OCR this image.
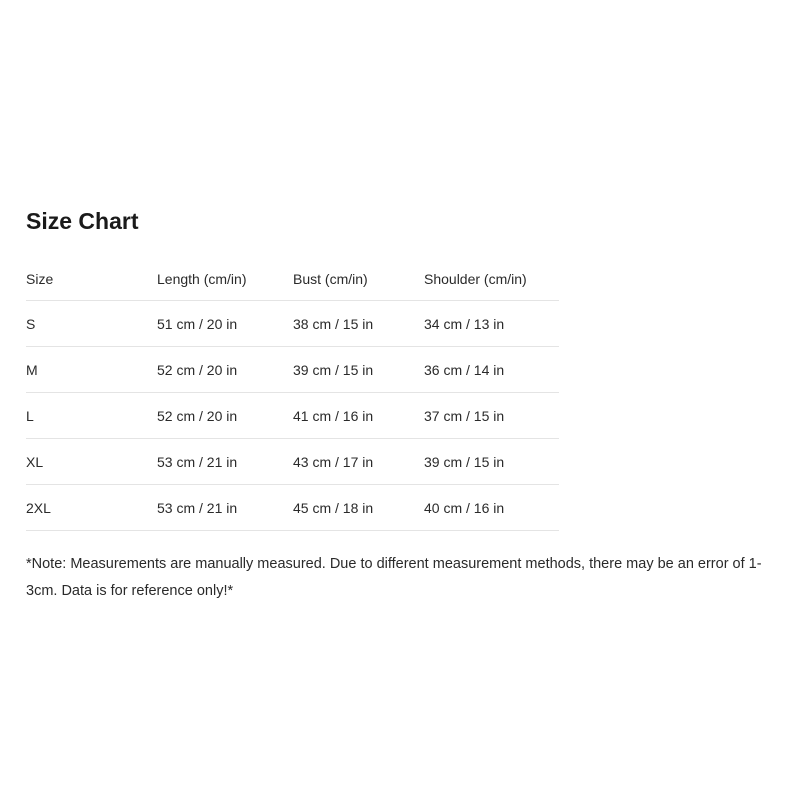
Size Chart
Size	Length (cm/in)	Bust (cm/in)	Shoulder (cm/in)
S	51 cm / 20 in	38 cm / 15 in	34 cm / 13 in
M	52 cm / 20 in	39 cm / 15 in	36 cm / 14 in
L	52 cm / 20 in	41 cm / 16 in	37 cm / 15 in
XL	53 cm / 21 in	43 cm / 17 in	39 cm / 15 in
2XL	53 cm / 21 in	45 cm / 18 in	40 cm / 16 in

*Note: Measurements are manually measured. Due to different measurement methods, there may be an error of 1-3cm. Data is for reference only!*
